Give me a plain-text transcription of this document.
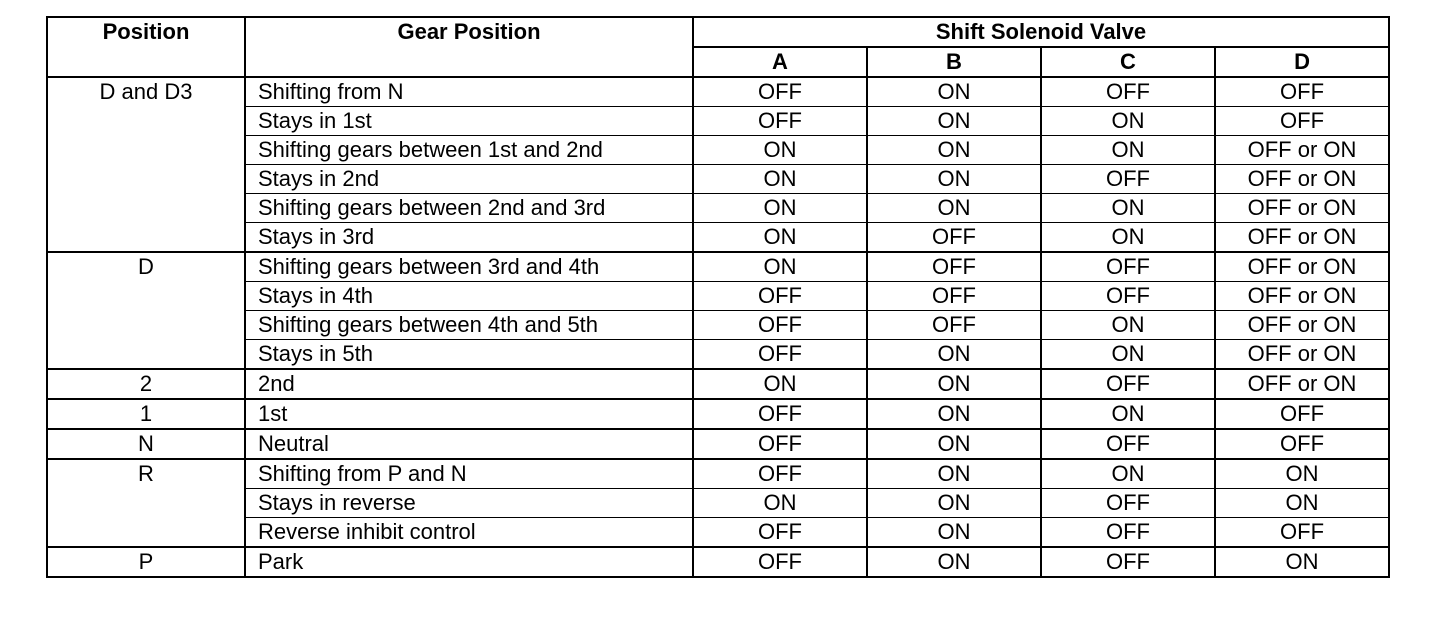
Position	Gear Position	Shift Solenoid Valve			
		A	B	C	D
D and D3	Shifting from N	OFF	ON	OFF	OFF
	Stays in 1st	OFF	ON	ON	OFF
	Shifting gears between 1st and 2nd	ON	ON	ON	OFF or ON
	Stays in 2nd	ON	ON	OFF	OFF or ON
	Shifting gears between 2nd and 3rd	ON	ON	ON	OFF or ON
	Stays in 3rd	ON	OFF	ON	OFF or ON
D	Shifting gears between 3rd and 4th	ON	OFF	OFF	OFF or ON
	Stays in 4th	OFF	OFF	OFF	OFF or ON
	Shifting gears between 4th and 5th	OFF	OFF	ON	OFF or ON
	Stays in 5th	OFF	ON	ON	OFF or ON
2	2nd	ON	ON	OFF	OFF or ON
1	1st	OFF	ON	ON	OFF
N	Neutral	OFF	ON	OFF	OFF
R	Shifting from P and N	OFF	ON	ON	ON
	Stays in reverse	ON	ON	OFF	ON
	Reverse inhibit control	OFF	ON	OFF	OFF
P	Park	OFF	ON	OFF	ON
